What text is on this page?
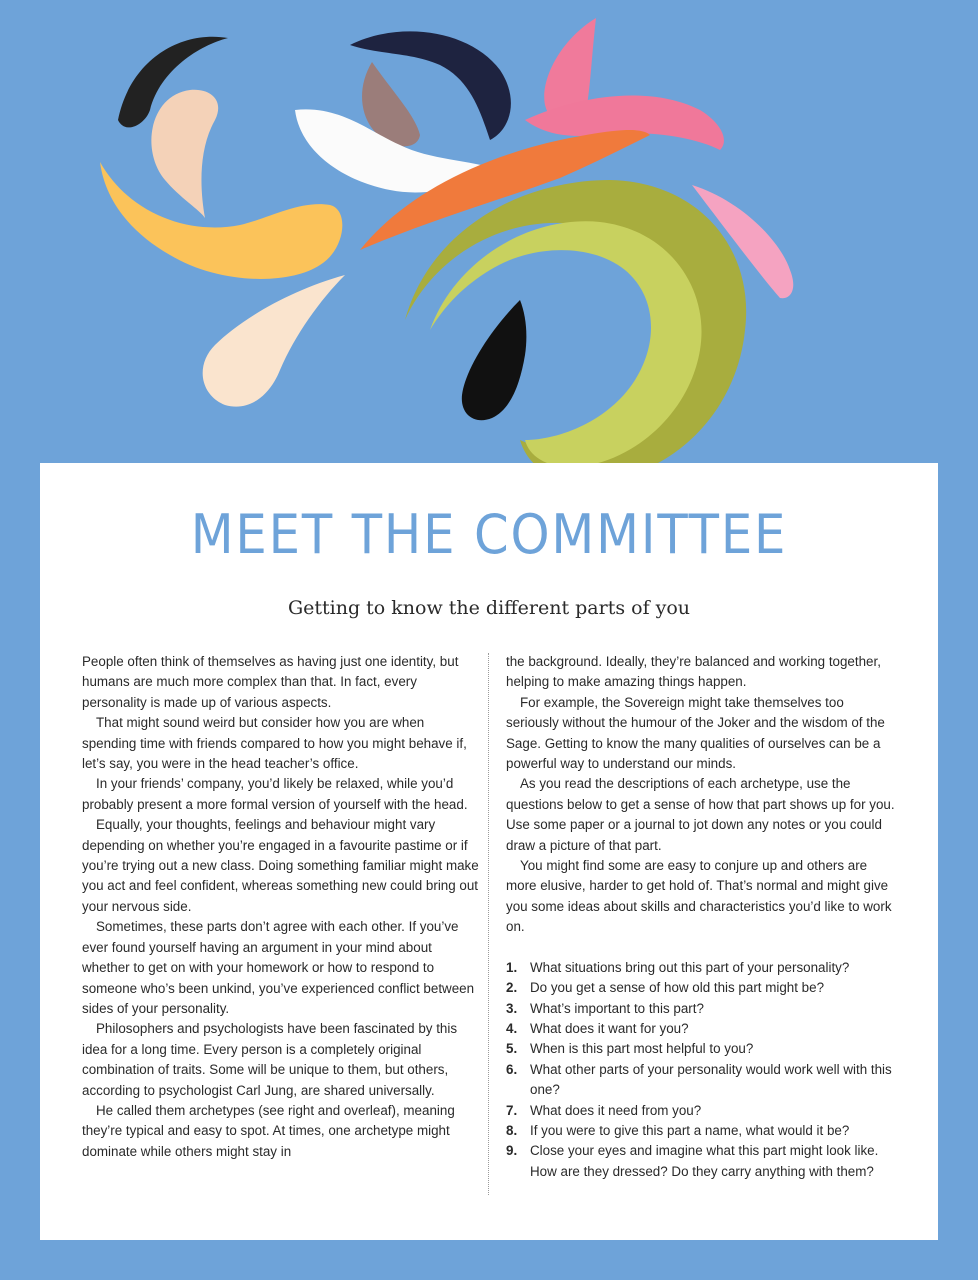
MEET THE COMMITTEE
Getting to know the different parts of you

People often think of themselves as having just one identity, but humans are much more complex than that. In fact, every personality is made up of various aspects.

That might sound weird but consider how you are when spending time with friends compared to how you might behave if, let’s say, you were in the head teacher’s office.

In your friends’ company, you’d likely be relaxed, while you’d probably present a more formal version of yourself with the head.

Equally, your thoughts, feelings and behaviour might vary depending on whether you’re engaged in a favourite pastime or if you’re trying out a new class. Doing something familiar might make you act and feel confident, whereas something new could bring out your nervous side.

Sometimes, these parts don’t agree with each other. If you’ve ever found yourself having an argument in your mind about whether to get on with your homework or how to respond to someone who’s been unkind, you’ve experienced conflict between sides of your personality.

Philosophers and psychologists have been fascinated by this idea for a long time. Every person is a completely original combination of traits. Some will be unique to them, but others, according to psychologist Carl Jung, are shared universally.

He called them archetypes (see right and overleaf), meaning they’re typical and easy to spot. At times, one archetype might dominate while others might stay in

the background. Ideally, they’re balanced and working together, helping to make amazing things happen.

For example, the Sovereign might take themselves too seriously without the humour of the Joker and the wisdom of the Sage. Getting to know the many qualities of ourselves can be a powerful way to understand our minds.

As you read the descriptions of each archetype, use the questions below to get a sense of how that part shows up for you. Use some paper or a journal to jot down any notes or you could draw a picture of that part.

You might find some are easy to conjure up and others are more elusive, harder to get hold of. That’s normal and might give you some ideas about skills and characteristics you’d like to work on.

1. What situations bring out this part of your personality?
2. Do you get a sense of how old this part might be?
3. What’s important to this part?
4. What does it want for you?
5. When is this part most helpful to you?
6. What other parts of your personality would work well with this one?
7. What does it need from you?
8. If you were to give this part a name, what would it be?
9. Close your eyes and imagine what this part might look like. How are they dressed? Do they carry anything with them?
